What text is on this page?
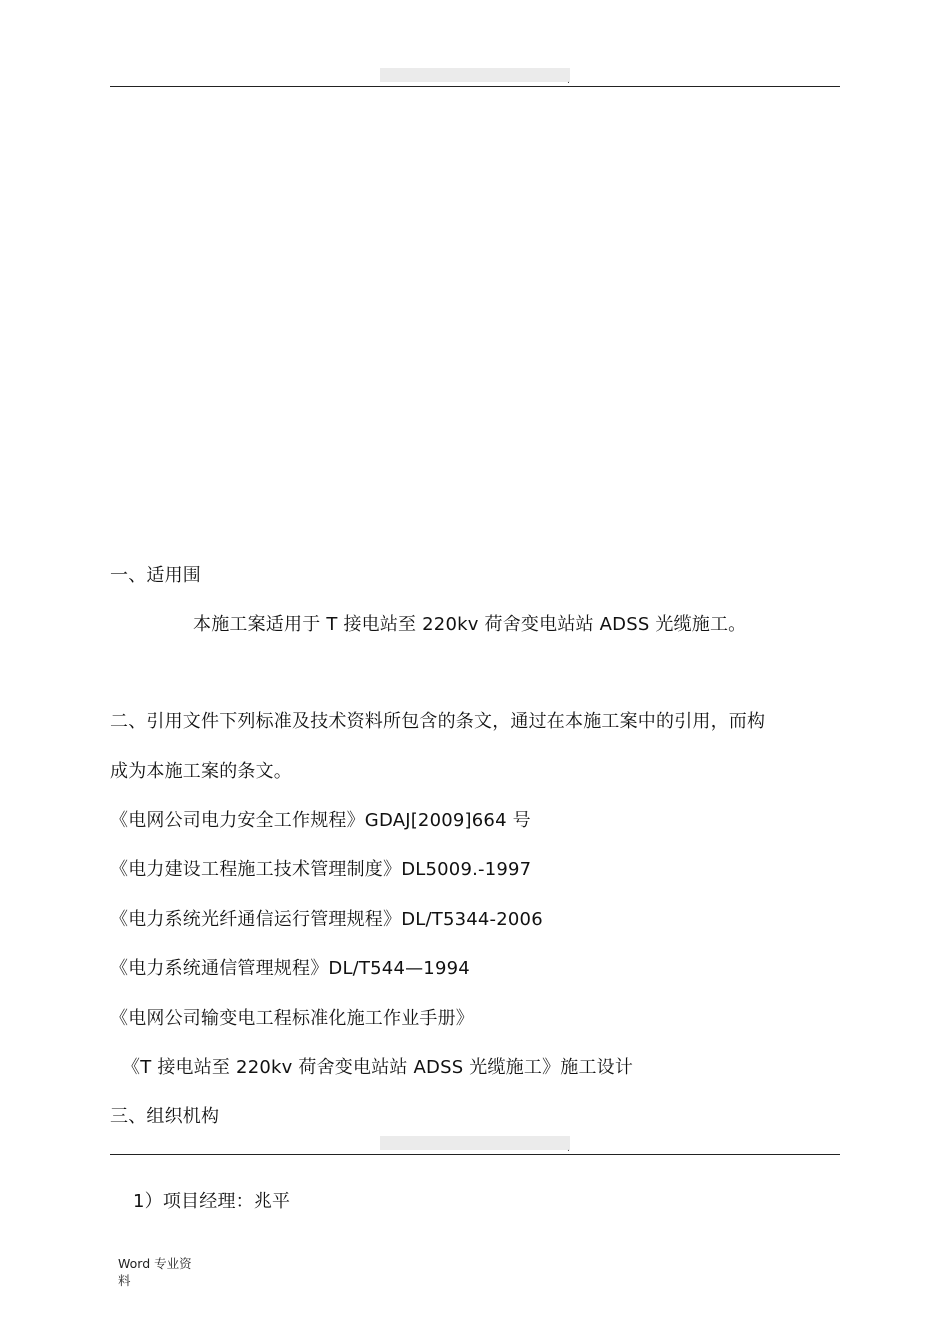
.
一、适用围
本施工案适用于 T 接电站至 220kv 荷舍变电站站 ADSS 光缆施工。
二、引用文件下列标准及技术资料所包含的条文，通过在本施工案中的引用，而构
成为本施工案的条文。
《电网公司电力安全工作规程》GDAJ[2009]664 号
《电力建设工程施工技术管理制度》DL5009.-1997
《电力系统光纤通信运行管理规程》DL/T5344-2006
《电力系统通信管理规程》DL/T544—1994
《电网公司输变电工程标准化施工作业手册》
《T 接电站至 220kv 荷舍变电站站 ADSS 光缆施工》施工设计
三、组织机构
.
1）项目经理：兆平
Word 专业资
料
